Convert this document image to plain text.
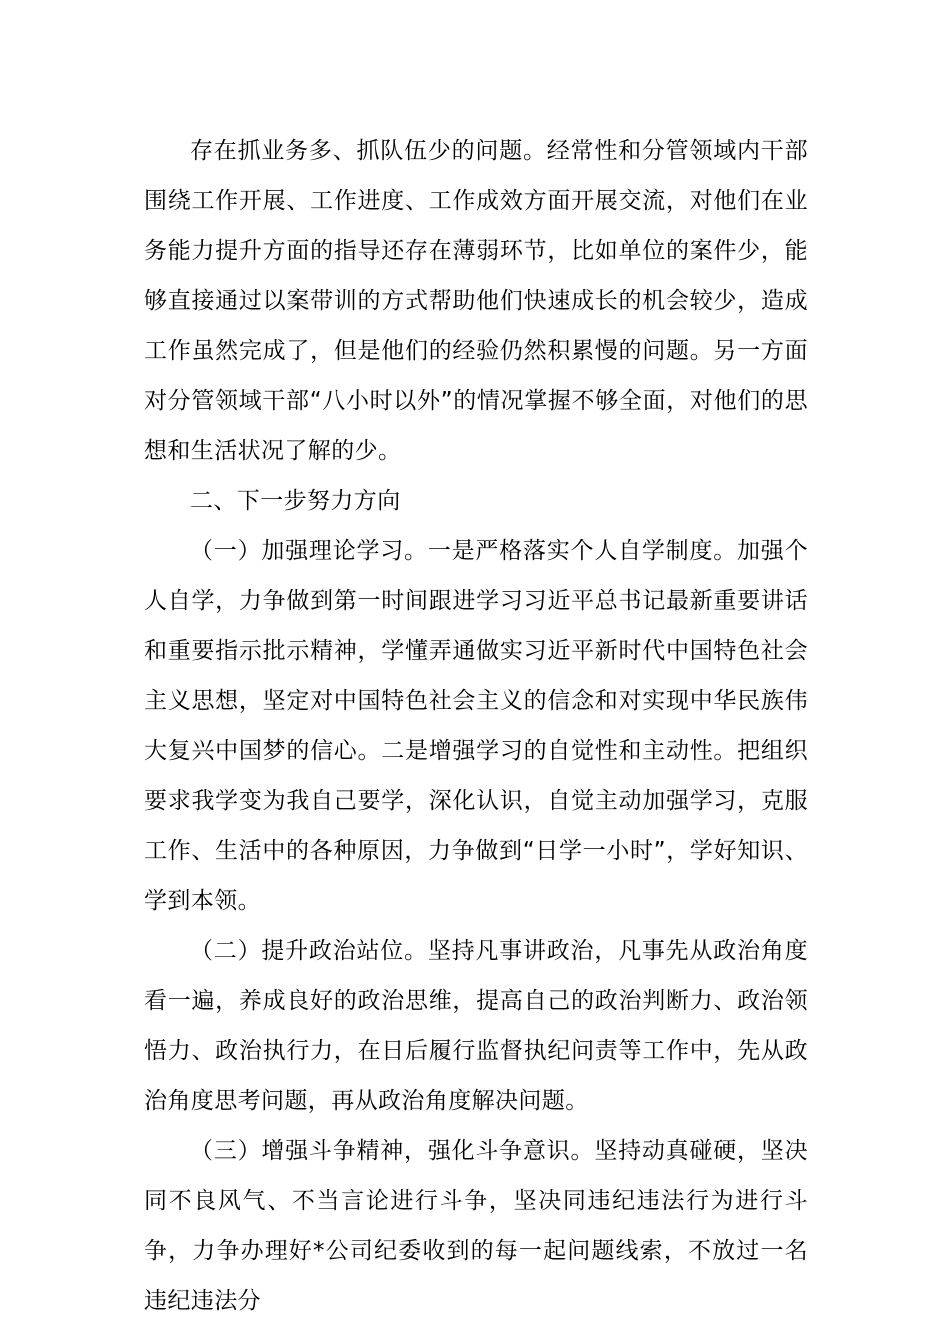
存在抓业务多、抓队伍少的问题。经常性和分管领域内干部围绕工作开展、工作进度、工作成效方面开展交流，对他们在业务能力提升方面的指导还存在薄弱环节，比如单位的案件少，能够直接通过以案带训的方式帮助他们快速成长的机会较少，造成工作虽然完成了，但是他们的经验仍然积累慢的问题。另一方面对分管领域干部“八小时以外”的情况掌握不够全面，对他们的思想和生活状况了解的少。

二、下一步努力方向

（一）加强理论学习。一是严格落实个人自学制度。加强个人自学，力争做到第一时间跟进学习习近平总书记最新重要讲话和重要指示批示精神，学懂弄通做实习近平新时代中国特色社会主义思想，坚定对中国特色社会主义的信念和对实现中华民族伟大复兴中国梦的信心。二是增强学习的自觉性和主动性。把组织要求我学变为我自己要学，深化认识，自觉主动加强学习，克服工作、生活中的各种原因，力争做到“日学一小时”，学好知识、学到本领。

（二）提升政治站位。坚持凡事讲政治，凡事先从政治角度看一遍，养成良好的政治思维，提高自己的政治判断力、政治领悟力、政治执行力，在日后履行监督执纪问责等工作中，先从政治角度思考问题，再从政治角度解决问题。

（三）增强斗争精神，强化斗争意识。坚持动真碰硬，坚决同不良风气、不当言论进行斗争，坚决同违纪违法行为进行斗争，力争办理好*公司纪委收到的每一起问题线索，不放过一名违纪违法分
